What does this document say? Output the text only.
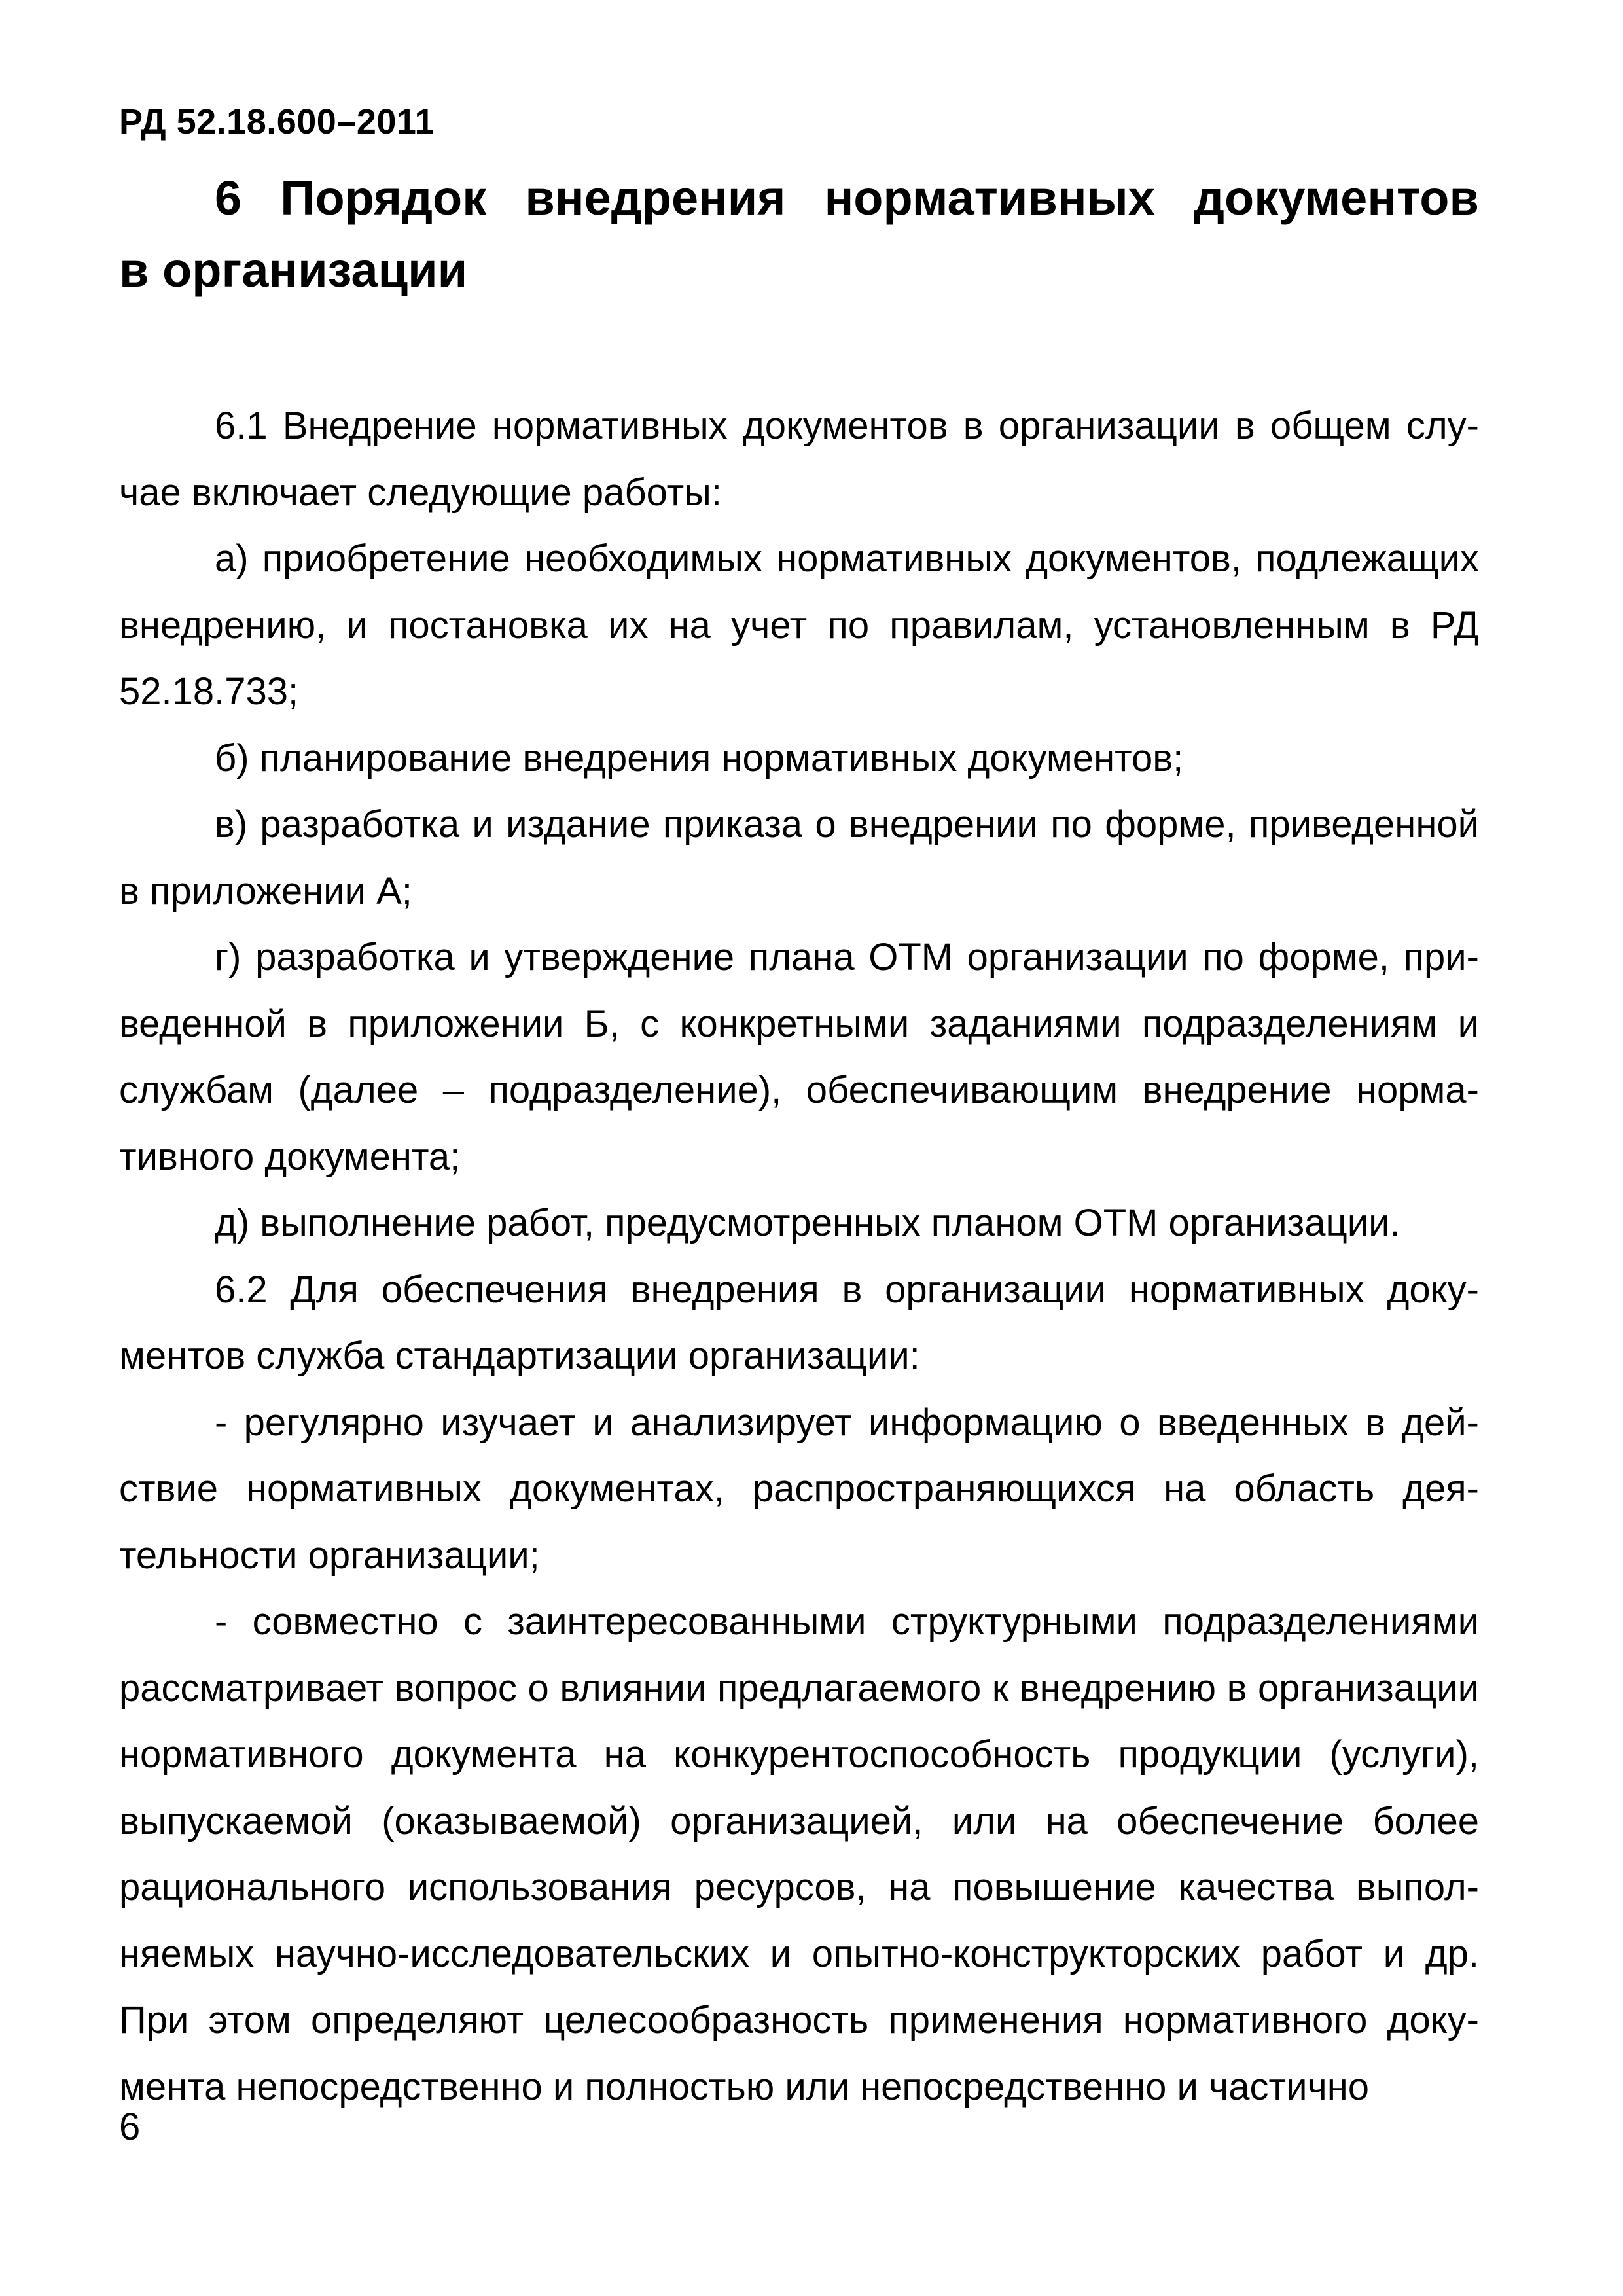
РД 52.18.600–2011
6 Порядок внедрения нормативных документов
в организации

6.1 Внедрение нормативных документов в организации в общем случае включает следующие работы:

а) приобретение необходимых нормативных документов, подлежащих внедрению, и постановка их на учет по правилам, установленным в РД 52.18.733;

б) планирование внедрения нормативных документов;

в) разработка и издание приказа о внедрении по форме, приведенной в приложении А;

г) разработка и утверждение плана ОТМ организации по форме, приведенной в приложении Б, с конкретными заданиями подразделениям и службам (далее – подразделение), обеспечивающим внедрение нормативного документа;

д) выполнение работ, предусмотренных планом ОТМ организации.

6.2 Для обеспечения внедрения в организации нормативных документов служба стандартизации организации:

- регулярно изучает и анализирует информацию о введенных в действие нормативных документах, распространяющихся на область деятельности организации;

- совместно с заинтересованными структурными подразделениями рассматривает вопрос о влиянии предлагаемого к внедрению в организации нормативного документа на конкурентоспособность продукции (услуги), выпускаемой (оказываемой) организацией, или на обеспечение более рационального использования ресурсов, на повышение качества выполняемых научно-исследовательских и опытно-конструкторских работ и др. При этом определяют целесообразность применения нормативного документа непосредственно и полностью или непосредственно и частично

6
